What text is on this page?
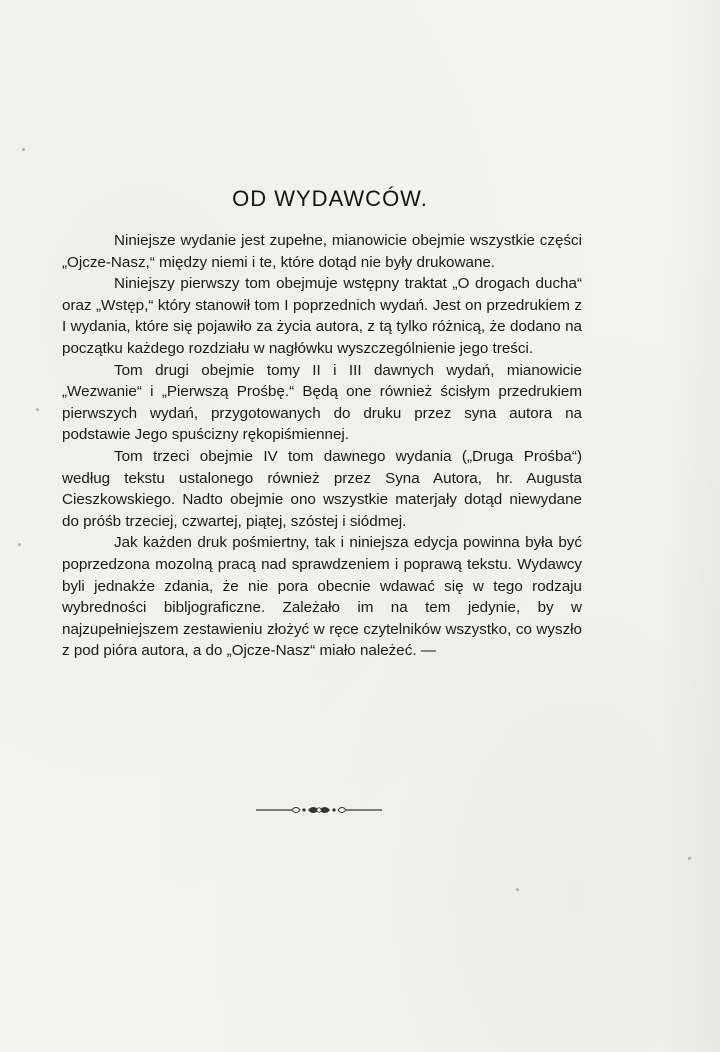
OD WYDAWCÓW.

Niniejsze wydanie jest zupełne, mianowicie obejmie wszystkie części „Ojcze-Nasz,“ między niemi i te, które dotąd nie były drukowane.

Niniejszy pierwszy tom obejmuje wstępny traktat „O drogach ducha“ oraz „Wstęp,“ który stanowił tom I poprzednich wydań. Jest on przedrukiem z I wydania, które się pojawiło za życia autora, z tą tylko różnicą, że dodano na początku każdego rozdziału w nagłówku wyszczególnienie jego treści.

Tom drugi obejmie tomy II i III dawnych wydań, mianowicie „Wezwanie“ i „Pierwszą Prośbę.“ Będą one również ścisłym przedrukiem pierwszych wydań, przygotowanych do druku przez syna autora na podstawie Jego spuścizny rękopiśmiennej.

Tom trzeci obejmie IV tom dawnego wydania („Druga Prośba“) według tekstu ustalonego również przez Syna Autora, hr. Augusta Cieszkowskiego. Nadto obejmie ono wszystkie materjały dotąd niewydane do próśb trzeciej, czwartej, piątej, szóstej i siódmej.

Jak każden druk pośmiertny, tak i niniejsza edycja powinna była być poprzedzona mozolną pracą nad sprawdzeniem i poprawą tekstu. Wydawcy byli jednakże zdania, że nie pora obecnie wdawać się w tego rodzaju wybredności bibljograficzne. Zależało im na tem jedynie, by w najzupełniejszem zestawieniu złożyć w ręce czytelników wszystko, co wyszło z pod pióra autora, a do „Ojcze-Nasz“ miało należeć. —
